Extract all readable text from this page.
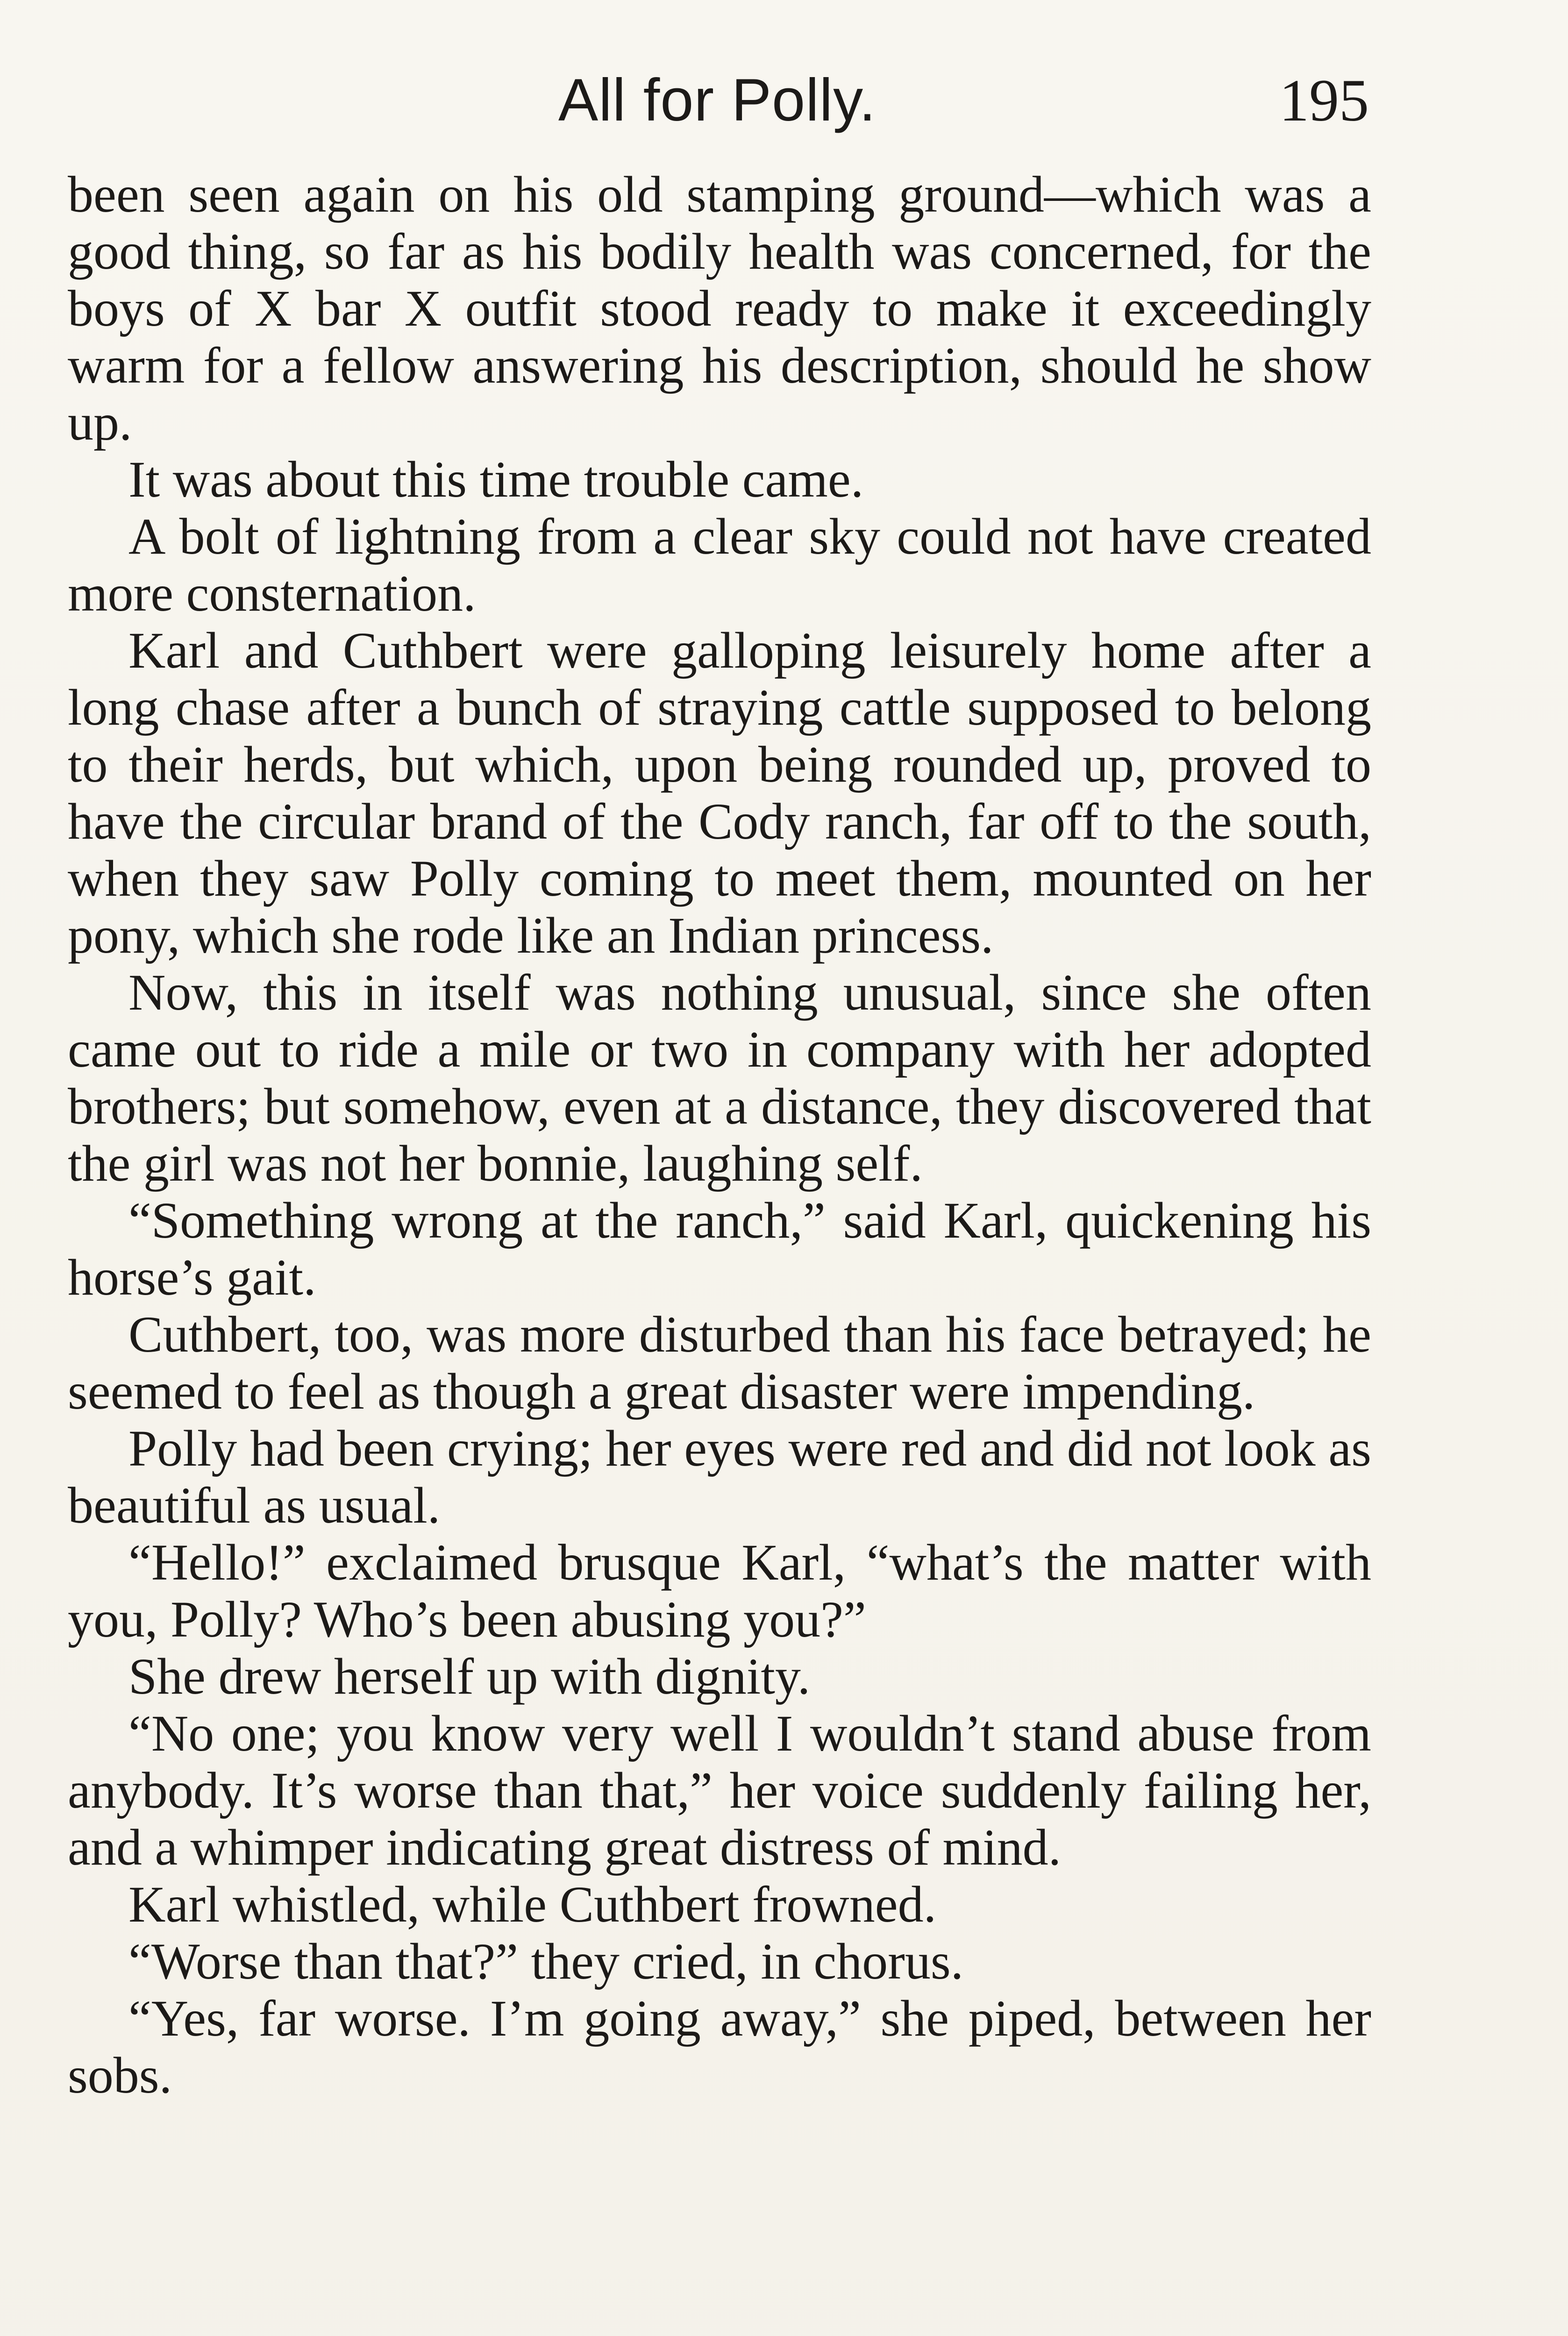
All for Polly.	195

been seen again on his old stamping ground—which was a good thing, so far as his bodily health was concerned, for the boys of X bar X outfit stood ready to make it exceedingly warm for a fellow answering his description, should he show up.

It was about this time trouble came.

A bolt of lightning from a clear sky could not have created more consternation.

Karl and Cuthbert were galloping leisurely home after a long chase after a bunch of straying cattle supposed to belong to their herds, but which, upon being rounded up, proved to have the circular brand of the Cody ranch, far off to the south, when they saw Polly coming to meet them, mounted on her pony, which she rode like an Indian princess.

Now, this in itself was nothing unusual, since she often came out to ride a mile or two in company with her adopted brothers; but somehow, even at a distance, they discovered that the girl was not her bonnie, laughing self.

“Something wrong at the ranch,” said Karl, quickening his horse’s gait.

Cuthbert, too, was more disturbed than his face betrayed; he seemed to feel as though a great disaster were impending.

Polly had been crying; her eyes were red and did not look as beautiful as usual.

“Hello!” exclaimed brusque Karl, “what’s the matter with you, Polly? Who’s been abusing you?”

She drew herself up with dignity.

“No one; you know very well I wouldn’t stand abuse from anybody. It’s worse than that,” her voice suddenly failing her, and a whimper indicating great distress of mind.

Karl whistled, while Cuthbert frowned.

“Worse than that?” they cried, in chorus.

“Yes, far worse. I’m going away,” she piped, between her sobs.
